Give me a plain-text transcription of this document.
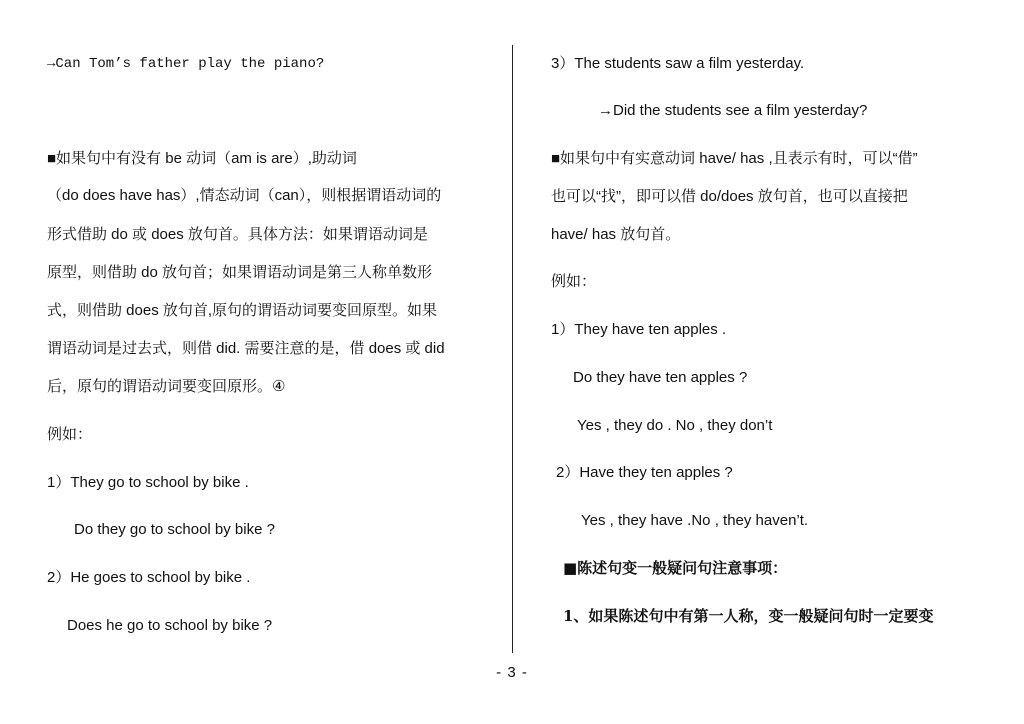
→Can Tom’s father play the piano?
■如果句中有没有 be 动词（am is are）,助动词
（do does have has）,情态动词（can），则根据谓语动词的
形式借助 do 或 does 放句首。具体方法：如果谓语动词是
原型，则借助 do 放句首；如果谓语动词是第三人称单数形
式，则借助 does 放句首,原句的谓语动词要变回原型。如果
谓语动词是过去式，则借 did. 需要注意的是，借 does 或 did
后，原句的谓语动词要变回原形。④
例如：
1）They go to school by bike .
Do they go to school by bike ?
2）He goes to school by bike .
Does he go to school by bike ?
3）The students saw a film yesterday.
→Did the students see a film yesterday?
■如果句中有实意动词 have/ has ,且表示有时，可以“借”
也可以“找”，即可以借 do/does 放句首，也可以直接把
have/ has 放句首。
例如：
1）They have ten apples .
Do they have ten apples ?
Yes , they do . No , they don’t
2）Have they ten apples ?
Yes , they have .No , they haven’t.
■陈述句变一般疑问句注意事项：
1、如果陈述句中有第一人称，变一般疑问句时一定要变
- 3 -
